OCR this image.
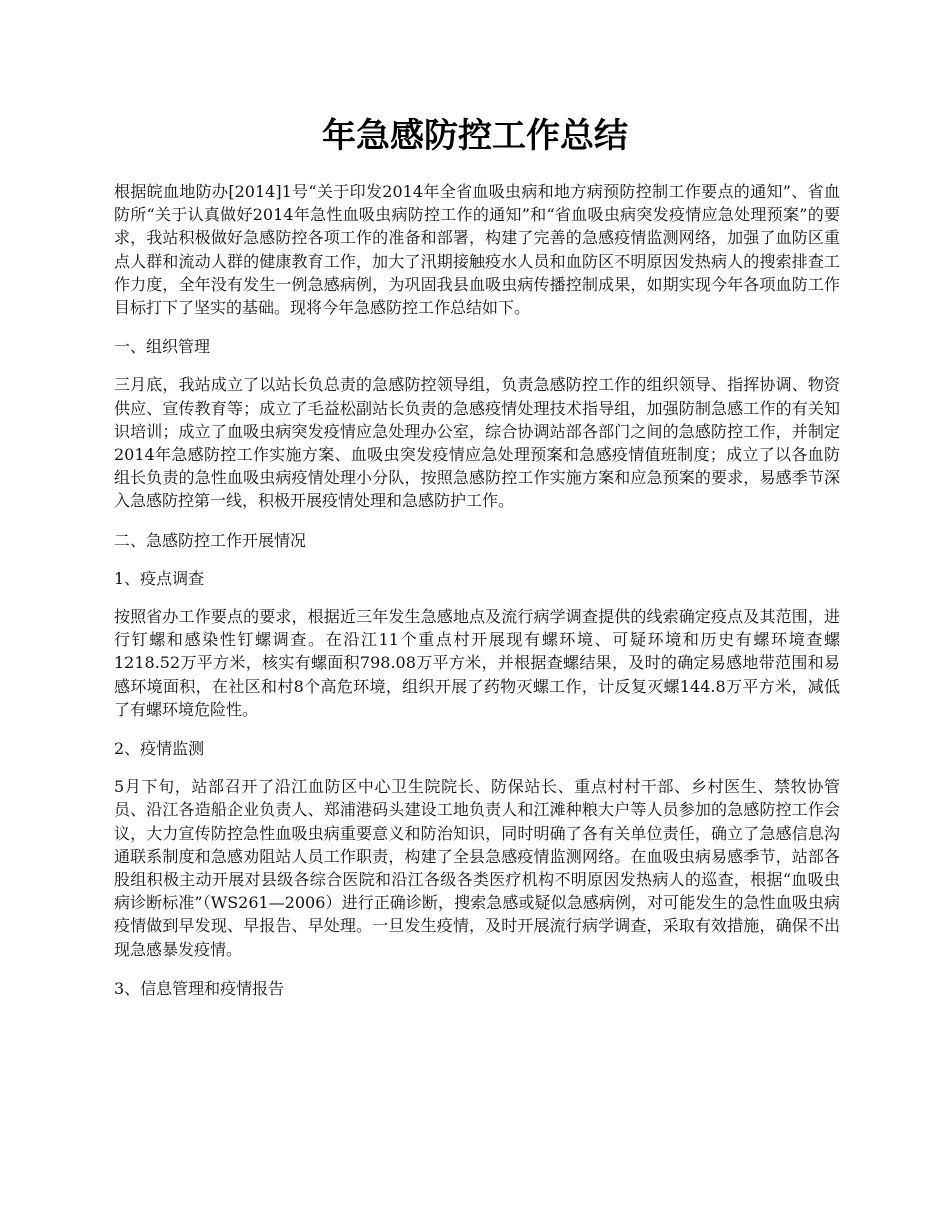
年急感防控工作总结

根据皖血地防办[2014]1号“关于印发2014年全省血吸虫病和地方病预防控制工作要点的通知”、省血防所“关于认真做好2014年急性血吸虫病防控工作的通知”和“省血吸虫病突发疫情应急处理预案”的要求，我站积极做好急感防控各项工作的准备和部署，构建了完善的急感疫情监测网络，加强了血防区重点人群和流动人群的健康教育工作，加大了汛期接触疫水人员和血防区不明原因发热病人的搜索排查工作力度，全年没有发生一例急感病例，为巩固我县血吸虫病传播控制成果，如期实现今年各项血防工作目标打下了坚实的基础。现将今年急感防控工作总结如下。

一、组织管理

三月底，我站成立了以站长负总责的急感防控领导组，负责急感防控工作的组织领导、指挥协调、物资供应、宣传教育等；成立了毛益松副站长负责的急感疫情处理技术指导组，加强防制急感工作的有关知识培训；成立了血吸虫病突发疫情应急处理办公室，综合协调站部各部门之间的急感防控工作，并制定2014年急感防控工作实施方案、血吸虫突发疫情应急处理预案和急感疫情值班制度；成立了以各血防组长负责的急性血吸虫病疫情处理小分队，按照急感防控工作实施方案和应急预案的要求，易感季节深入急感防控第一线，积极开展疫情处理和急感防护工作。

二、急感防控工作开展情况

1、疫点调查

按照省办工作要点的要求，根据近三年发生急感地点及流行病学调查提供的线索确定疫点及其范围，进行钉螺和感染性钉螺调查。在沿江11个重点村开展现有螺环境、可疑环境和历史有螺环境查螺1218.52万平方米，核实有螺面积798.08万平方米，并根据查螺结果，及时的确定易感地带范围和易感环境面积，在社区和村8个高危环境，组织开展了药物灭螺工作，计反复灭螺144.8万平方米，减低了有螺环境危险性。

2、疫情监测

5月下旬，站部召开了沿江血防区中心卫生院院长、防保站长、重点村村干部、乡村医生、禁牧协管员、沿江各造船企业负责人、郑浦港码头建设工地负责人和江滩种粮大户等人员参加的急感防控工作会议，大力宣传防控急性血吸虫病重要意义和防治知识，同时明确了各有关单位责任，确立了急感信息沟通联系制度和急感劝阻站人员工作职责，构建了全县急感疫情监测网络。在血吸虫病易感季节，站部各股组积极主动开展对县级各综合医院和沿江各级各类医疗机构不明原因发热病人的巡查，根据“血吸虫病诊断标准”（WS261—2006）进行正确诊断，搜索急感或疑似急感病例，对可能发生的急性血吸虫病疫情做到早发现、早报告、早处理。一旦发生疫情，及时开展流行病学调查，采取有效措施，确保不出现急感暴发疫情。

3、信息管理和疫情报告
